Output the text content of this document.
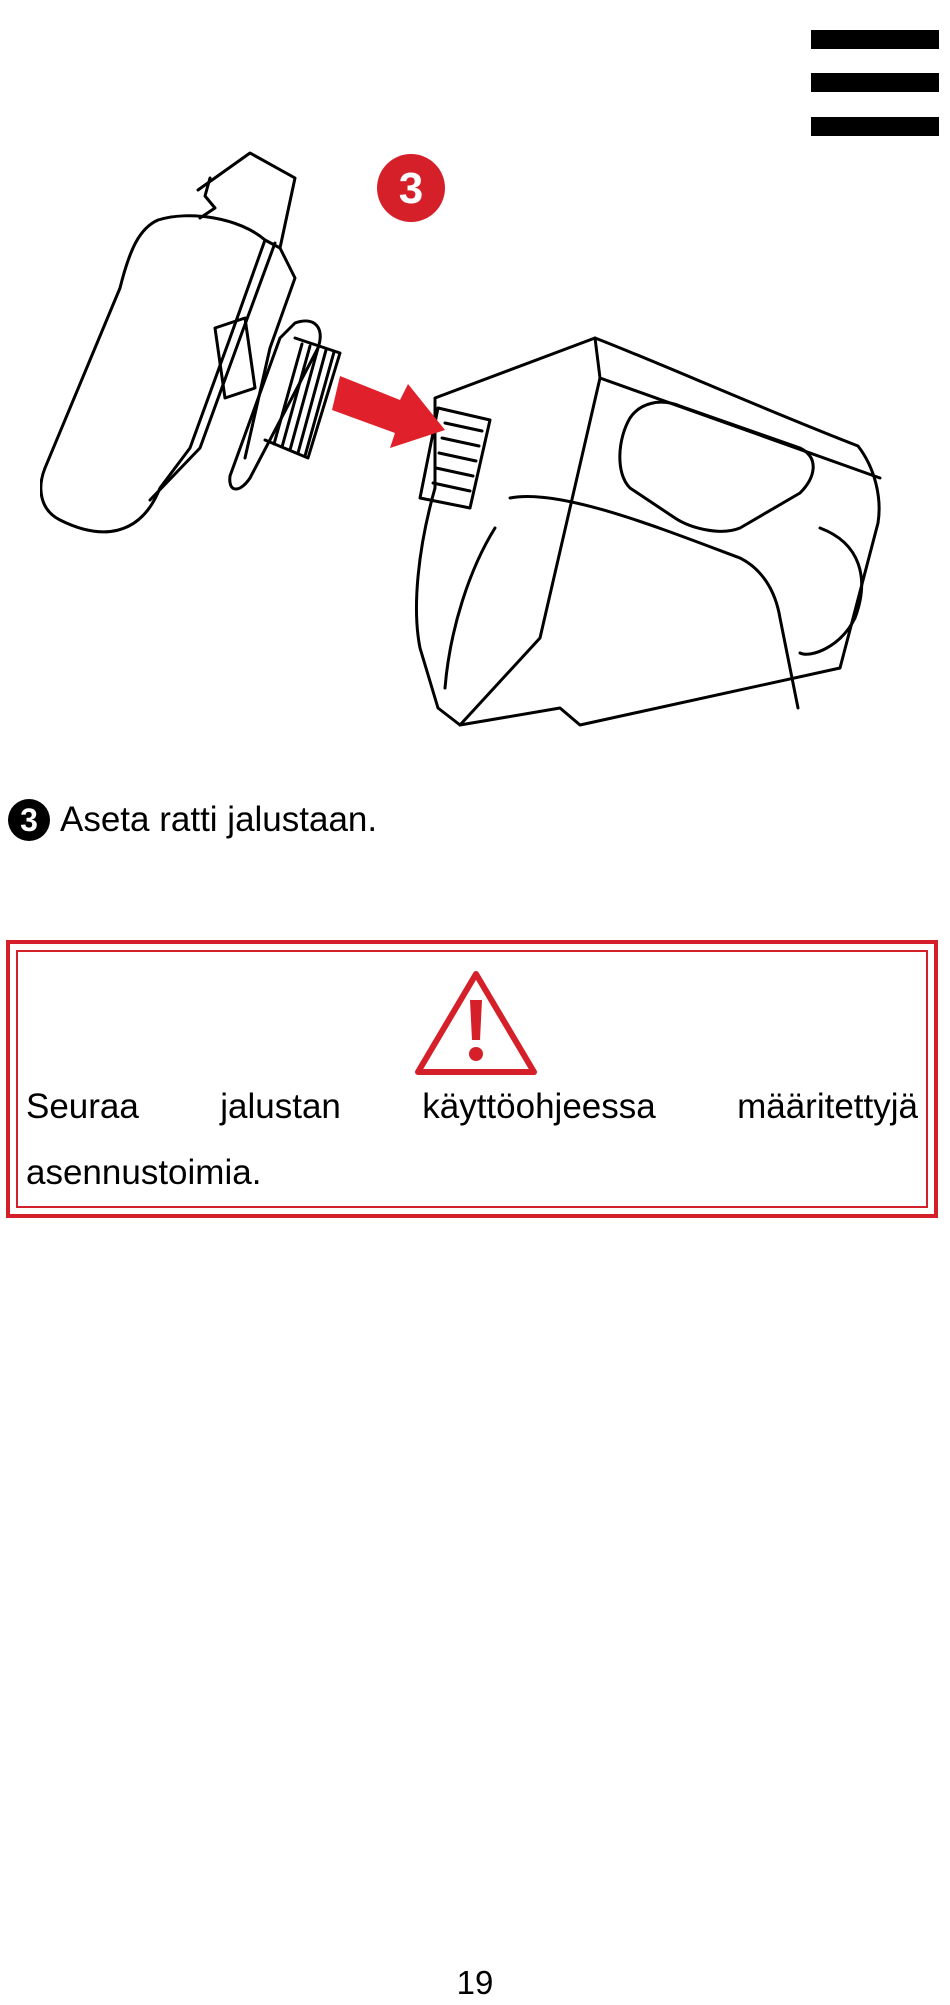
3
3 Aseta ratti jalustaan.
Seuraa jalustan käyttöohjeessa määritettyjä asennustoimia.
19
